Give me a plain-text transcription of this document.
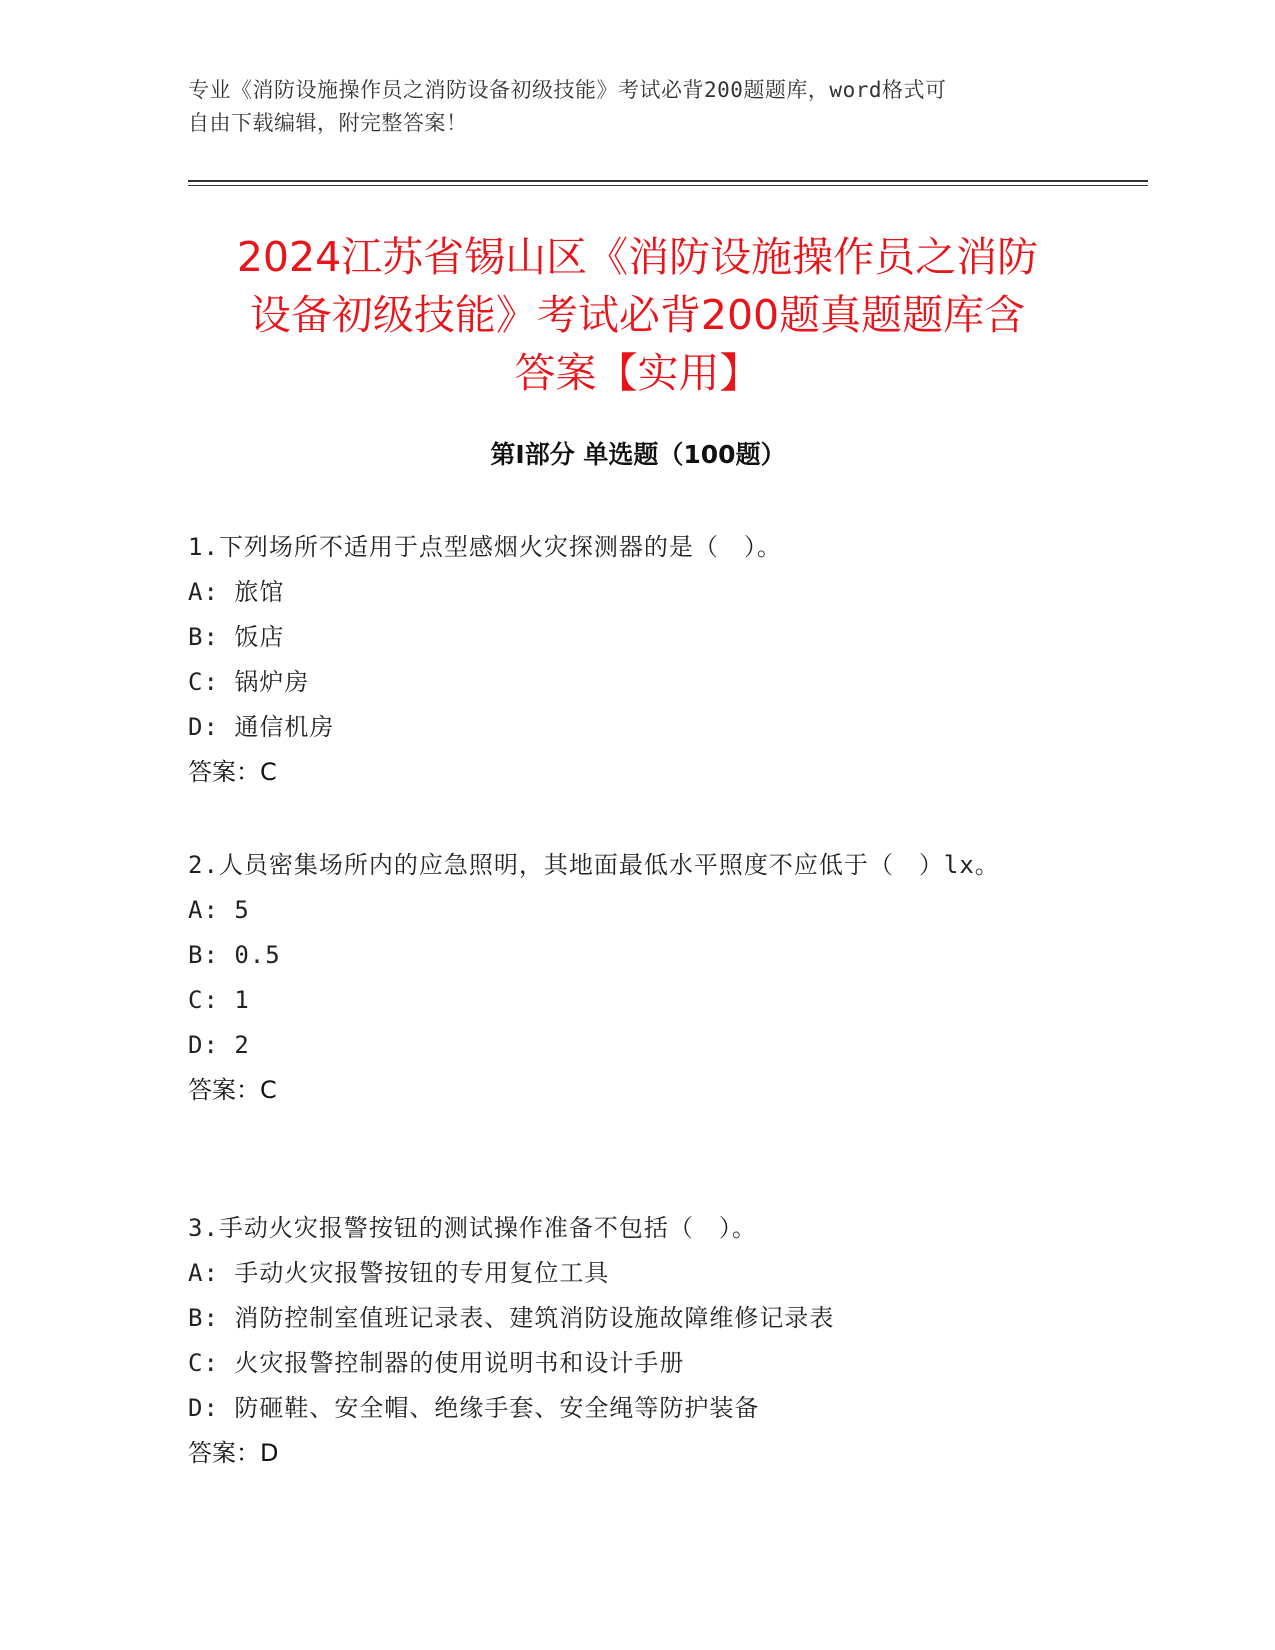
专业《消防设施操作员之消防设备初级技能》考试必背200题题库，word格式可
自由下载编辑，附完整答案！
2024江苏省锡山区《消防设施操作员之消防
设备初级技能》考试必背200题真题题库含
答案【实用】
第I部分 单选题（100题）

1.下列场所不适用于点型感烟火灾探测器的是（　）。

A: 旅馆

B: 饭店

C: 锅炉房

D: 通信机房

答案：C

2.人员密集场所内的应急照明，其地面最低水平照度不应低于（　）lx。

A: 5

B: 0.5

C: 1

D: 2

答案：C

3.手动火灾报警按钮的测试操作准备不包括（　）。

A: 手动火灾报警按钮的专用复位工具

B: 消防控制室值班记录表、建筑消防设施故障维修记录表

C: 火灾报警控制器的使用说明书和设计手册

D: 防砸鞋、安全帽、绝缘手套、安全绳等防护装备

答案：D
